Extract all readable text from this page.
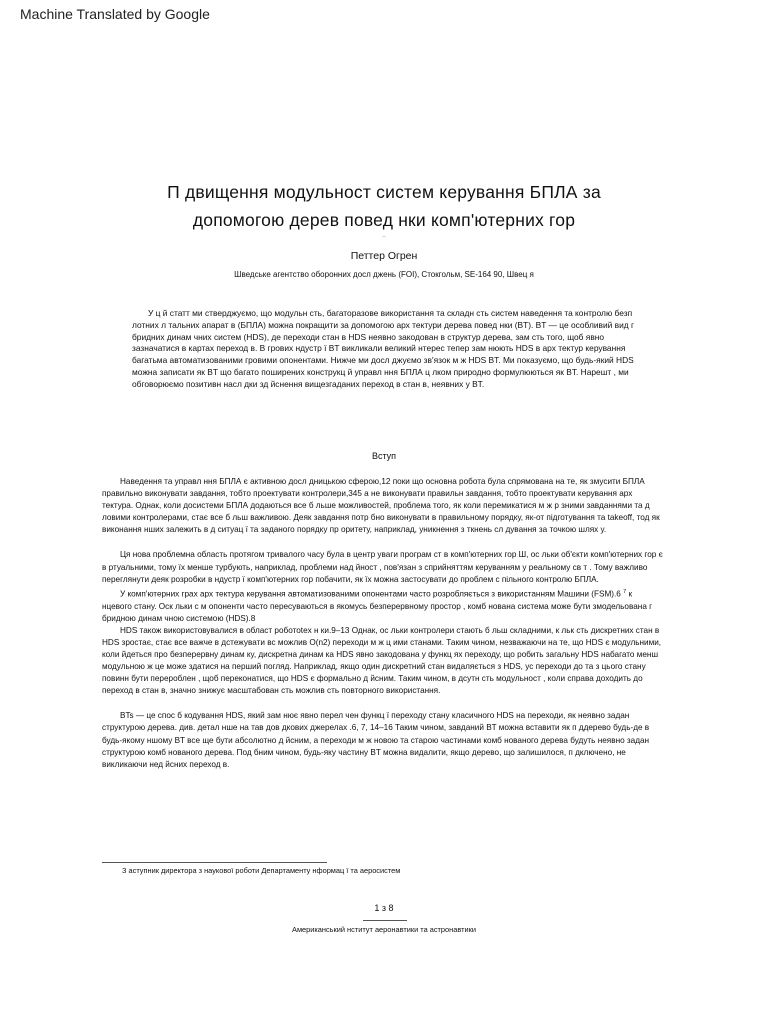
Machine Translated by Google
П двищення модульност систем керування БПЛА за
допомогою дерев повед нки комп'ютерних гор
..
Петтер Огрен
Шведське агентство оборонних досл джень (FOI), Стокгольм, SE-164 90, Швец я

У ц й статт ми стверджуємо, що модульн сть, багаторазове використання та складн сть систем наведення та контролю безп лотних л тальних апарат в (БПЛА) можна покращити за допомогою арх тектури дерева повед нки (BT). BT — це особливий вид г бридних динам чних систем (HDS), де переходи стан в HDS неявно закодован в структур дерева, зам сть того, щоб явно зазначатися в картах переход в. В грових ндустр ї BT викликали великий нтерес тепер зам нюють HDS в арх тектур керування багатьма автоматизованими гровими опонентами. Нижче ми досл джуємо зв'язок м ж HDS BT. Ми показуємо, що будь-який HDS можна записати як BT що багато поширених конструкц й управл ння БПЛА ц лком природно формулюються як BT. Нарешт , ми обговорюємо позитивн насл дки зд йснення вищезгаданих переход в стан в, неявних у BT.

Вступ

Наведення та управл ння БПЛА є активною досл дницькою сферою,12 поки що основна робота була спрямована на те, як змусити БПЛА правильно виконувати завдання, тобто проектувати контролери,345 а не виконувати правильн завдання, тобто проектувати керування арх тектура. Однак, коли досистеми БПЛА додаються все б льше можливостей, проблема того, як коли перемикатися м ж р зними завданнями та д ловими контролерами, стає все б льш важливою. Деяк завдання потр бно виконувати в правильному порядку, як-от підготування та takeoff, тод як виконання нших залежить в д ситуац ї та заданого порядку пр оритету, наприклад, уникнення з ткнень сл дування за точкою шлях у.

Ця нова проблемна область протягом тривалого часу була в центр уваги програм ст в комп'ютерних гор Ш, ос льки об'єкти комп'ютерних гор є в ртуальними, тому їх менше турбують, наприклад, проблеми над йност , пов'язан з сприйняттям керуванням у реальному св т . Тому важливо переглянути деяк розробки в ндустр ї комп'ютерних гор побачити, як їх можна застосувати до проблем с пільного контролю БПЛА.

У комп'ютерних грах арх тектура керування автоматизованими опонентами часто розробляється з використанням Машини (FSM).6 $^7$ к нцевого стану. Оск льки с м опоненти часто пересуваються в якомусь безперервному простор , комб нована система може бути змодельована г бридною динам чною системою (HDS).8

HDS також використовувалися в област роботоtex н ки.9–13 Однак, ос льки контролери стають б льш складними, к льк сть дискретних стан в HDS зростає, стає все важче в дстежувати вс можлив O(n2) переходи м ж ц ими станами. Таким чином, незважаючи на те, що HDS є модульними, коли йдеться про безперервну динам ку, дискретна динам ка HDS явно закодована у функц ях переходу, що робить загальну HDS набагато менш модульною ж це може здатися на перший погляд. Наприклад, якщо один дискретний стан видаляється з HDS, ус переходи до та з цього стану повинн бути перероблен , щоб переконатися, що HDS є формально д йсним. Таким чином, в дсутн сть модульност , коли справа доходить до переход в стан в, значно знижує масштабован сть можлив сть повторного використання.

BTs — це спос б кодування HDS, який зам нює явно перел чен функц ї переходу стану класичного HDS на переходи, як неявно задан структурою дерева. див. детал нше на тав дов дкових джерелах .6, 7, 14–16 Таким чином, завданий BT можна вставити як п ддерево будь-де в будь-якому ншому BT все ще бути абсолютно д йсним, а переходи м ж новою та старою частинами комб нованого дерева будуть неявно задан структурою комб нованого дерева. Под бним чином, будь-яку частину BT можна видалити, якщо дерево, що залишилося, п дключено, не викликаючи нед йсних переход в.

З аступник директора з наукової роботи Департаменту нформац ї та аеросистем
1 з 8
Американський нститут аеронавтики та астронавтики
